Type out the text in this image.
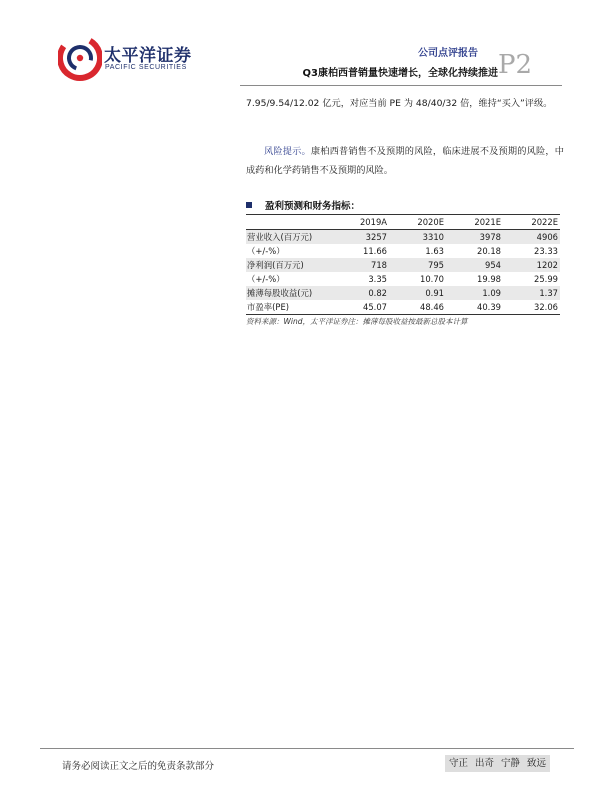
太平洋证券
PACIFIC SECURITIES
公司点评报告
Q3康柏西普销量快速增长，全球化持续推进 P2
7.95/9.54/12.02 亿元，对应当前 PE 为 48/40/32 倍，维持“买入”评级。
风险提示。康柏西普销售不及预期的风险，临床进展不及预期的风险，中成药和化学药销售不及预期的风险。
盈利预测和财务指标：
	2019A	2020E	2021E	2022E
营业收入(百万元)	3257	3310	3978	4906
（+/-%）	11.66	1.63	20.18	23.33
净利润(百万元)	718	795	954	1202
（+/-%）	3.35	10.70	19.98	25.99
摊薄每股收益(元)	0.82	0.91	1.09	1.37
市盈率(PE)	45.07	48.46	40.39	32.06
资料来源：Wind，太平洋证券注：摊薄每股收益按最新总股本计算
请务必阅读正文之后的免责条款部分	守正 出奇 宁静 致远
